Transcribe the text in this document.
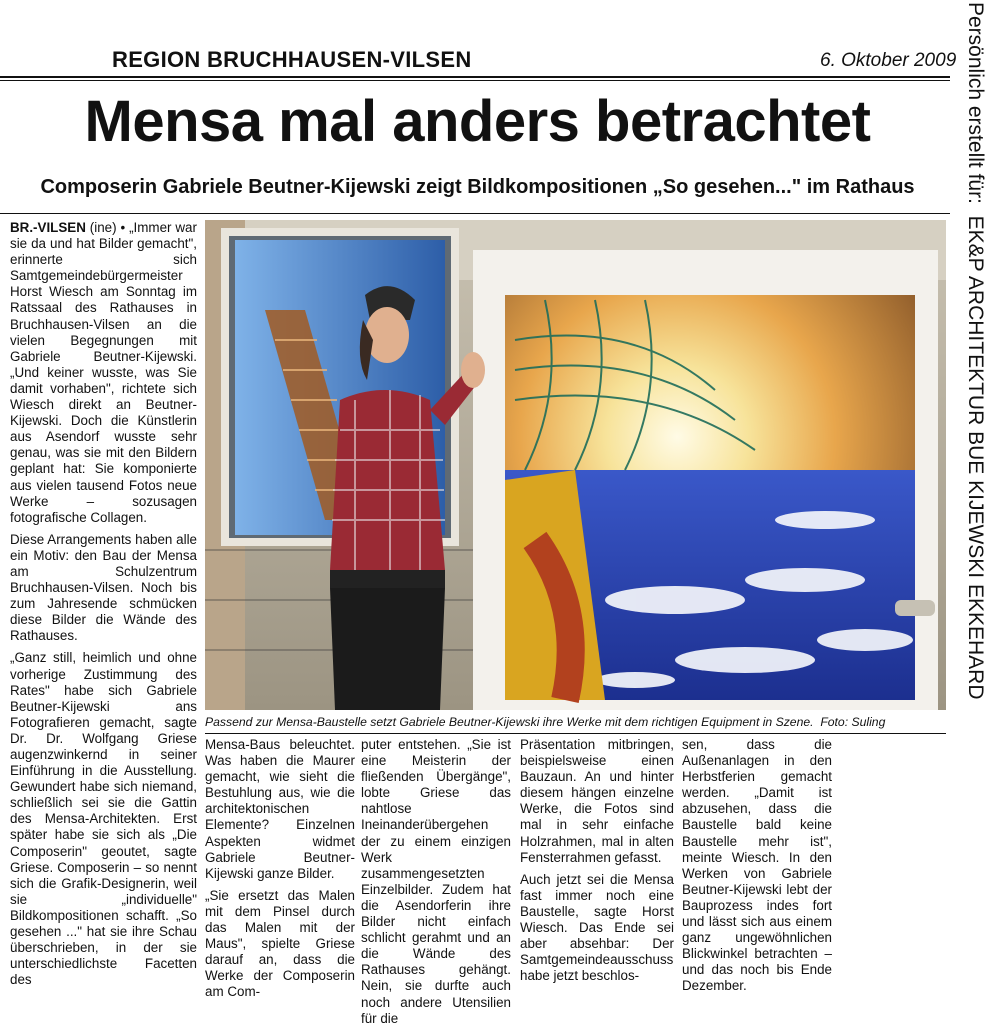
REGION BRUCHHAUSEN-VILSEN	6. Oktober 2009
Mensa mal anders betrachtet
Composerin Gabriele Beutner-Kijewski zeigt Bildkompositionen „So gesehen..." im Rathaus

BR.-VILSEN (ine) • „Immer war sie da und hat Bilder gemacht", erinnerte sich Samtgemeindebürgermeister Horst Wiesch am Sonntag im Ratssaal des Rathauses in Bruchhausen-Vilsen an die vielen Begegnungen mit Gabriele Beutner-Kijewski. „Und keiner wusste, was Sie damit vorhaben", richtete sich Wiesch direkt an Beutner-Kijewski. Doch die Künstlerin aus Asendorf wusste sehr genau, was sie mit den Bildern geplant hat: Sie komponierte aus vielen tausend Fotos neue Werke – sozusagen fotografische Collagen.

Diese Arrangements haben alle ein Motiv: den Bau der Mensa am Schulzentrum Bruchhausen-Vilsen. Noch bis zum Jahresende schmücken diese Bilder die Wände des Rathauses.

„Ganz still, heimlich und ohne vorherige Zustimmung des Rates" habe sich Gabriele Beutner-Kijewski ans Fotografieren gemacht, sagte Dr. Dr. Wolfgang Griese augenzwinkernd in seiner Einführung in die Ausstellung. Gewundert habe sich niemand, schließlich sei sie die Gattin des Mensa-Architekten. Erst später habe sie sich als „Die Composerin" geoutet, sagte Griese. Composerin – so nennt sich die Grafik-Designerin, weil sie „individuelle" Bildkompositionen schafft. „So gesehen ..." hat sie ihre Schau überschrieben, in der sie unterschiedlichste Facetten des

Passend zur Mensa-Baustelle setzt Gabriele Beutner-Kijewski ihre Werke mit dem richtigen Equipment in Szene. Foto: Suling

Mensa-Baus beleuchtet. Was haben die Maurer gemacht, wie sieht die Bestuhlung aus, wie die architektonischen Elemente? Einzelnen Aspekten widmet Gabriele Beutner-Kijewski ganze Bilder.

„Sie ersetzt das Malen mit dem Pinsel durch das Malen mit der Maus", spielte Griese darauf an, dass die Werke der Composerin am Com-

puter entstehen. „Sie ist eine Meisterin der fließenden Übergänge", lobte Griese das nahtlose Ineinanderübergehen der zu einem einzigen Werk zusammengesetzten Einzelbilder. Zudem hat die Asendorferin ihre Bilder nicht einfach schlicht gerahmt und an die Wände des Rathauses gehängt. Nein, sie durfte auch noch andere Utensilien für die

Präsentation mitbringen, beispielsweise einen Bauzaun. An und hinter diesem hängen einzelne Werke, die Fotos sind mal in sehr einfache Holzrahmen, mal in alten Fensterrahmen gefasst.

Auch jetzt sei die Mensa fast immer noch eine Baustelle, sagte Horst Wiesch. Das Ende sei aber absehbar: Der Samtgemeindeausschuss habe jetzt beschlos-

sen, dass die Außenanlagen in den Herbstferien gemacht werden. „Damit ist abzusehen, dass die Baustelle bald keine Baustelle mehr ist", meinte Wiesch. In den Werken von Gabriele Beutner-Kijewski lebt der Bauprozess indes fort und lässt sich aus einem ganz ungewöhnlichen Blickwinkel betrachten – und das noch bis Ende Dezember.

Persönlich erstellt für:  EK&P ARCHITEKTUR BUE KIJEWSKI EKKEHARD
